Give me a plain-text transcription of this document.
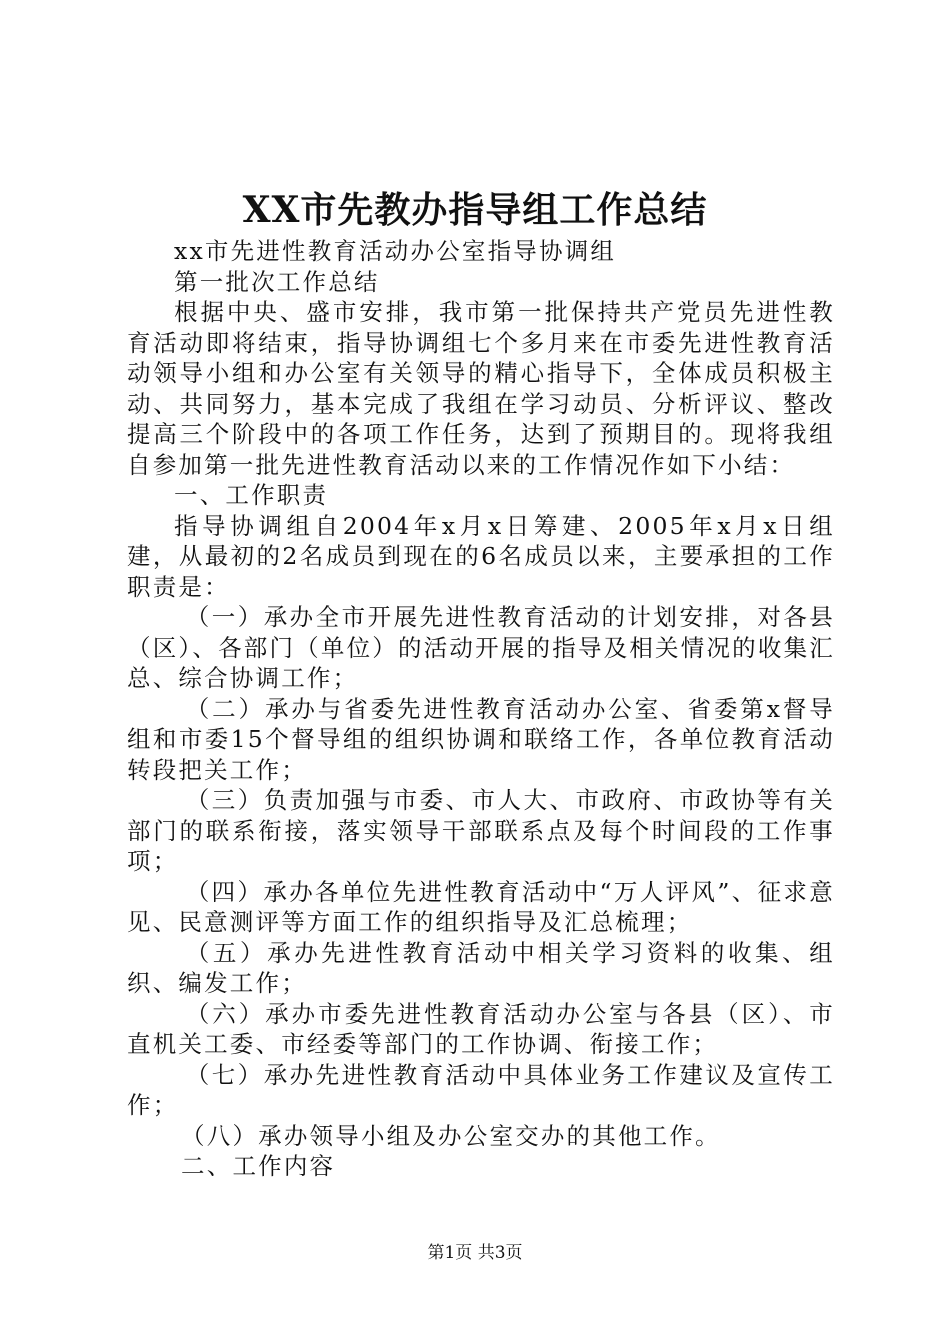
XX市先教办指导组工作总结

xx市先进性教育活动办公室指导协调组

第一批次工作总结

根据中央、盛市安排，我市第一批保持共产党员先进性教育活动即将结束，指导协调组七个多月来在市委先进性教育活动领导小组和办公室有关领导的精心指导下，全体成员积极主动、共同努力，基本完成了我组在学习动员、分析评议、整改提高三个阶段中的各项工作任务，达到了预期目的。现将我组自参加第一批先进性教育活动以来的工作情况作如下小结：

一、工作职责

指导协调组自2004年x月x日筹建、2005年x月x日组建，从最初的2名成员到现在的6名成员以来，主要承担的工作职责是：

（一）承办全市开展先进性教育活动的计划安排，对各县（区）、各部门（单位）的活动开展的指导及相关情况的收集汇总、综合协调工作；

（二）承办与省委先进性教育活动办公室、省委第x督导组和市委15个督导组的组织协调和联络工作，各单位教育活动转段把关工作；

（三）负责加强与市委、市人大、市政府、市政协等有关部门的联系衔接，落实领导干部联系点及每个时间段的工作事项；

（四）承办各单位先进性教育活动中“万人评风”、征求意见、民意测评等方面工作的组织指导及汇总梳理；

（五）承办先进性教育活动中相关学习资料的收集、组织、编发工作；

（六）承办市委先进性教育活动办公室与各县（区）、市直机关工委、市经委等部门的工作协调、衔接工作；

（七）承办先进性教育活动中具体业务工作建议及宣传工作；

（八）承办领导小组及办公室交办的其他工作。

二、工作内容

第1页 共3页
